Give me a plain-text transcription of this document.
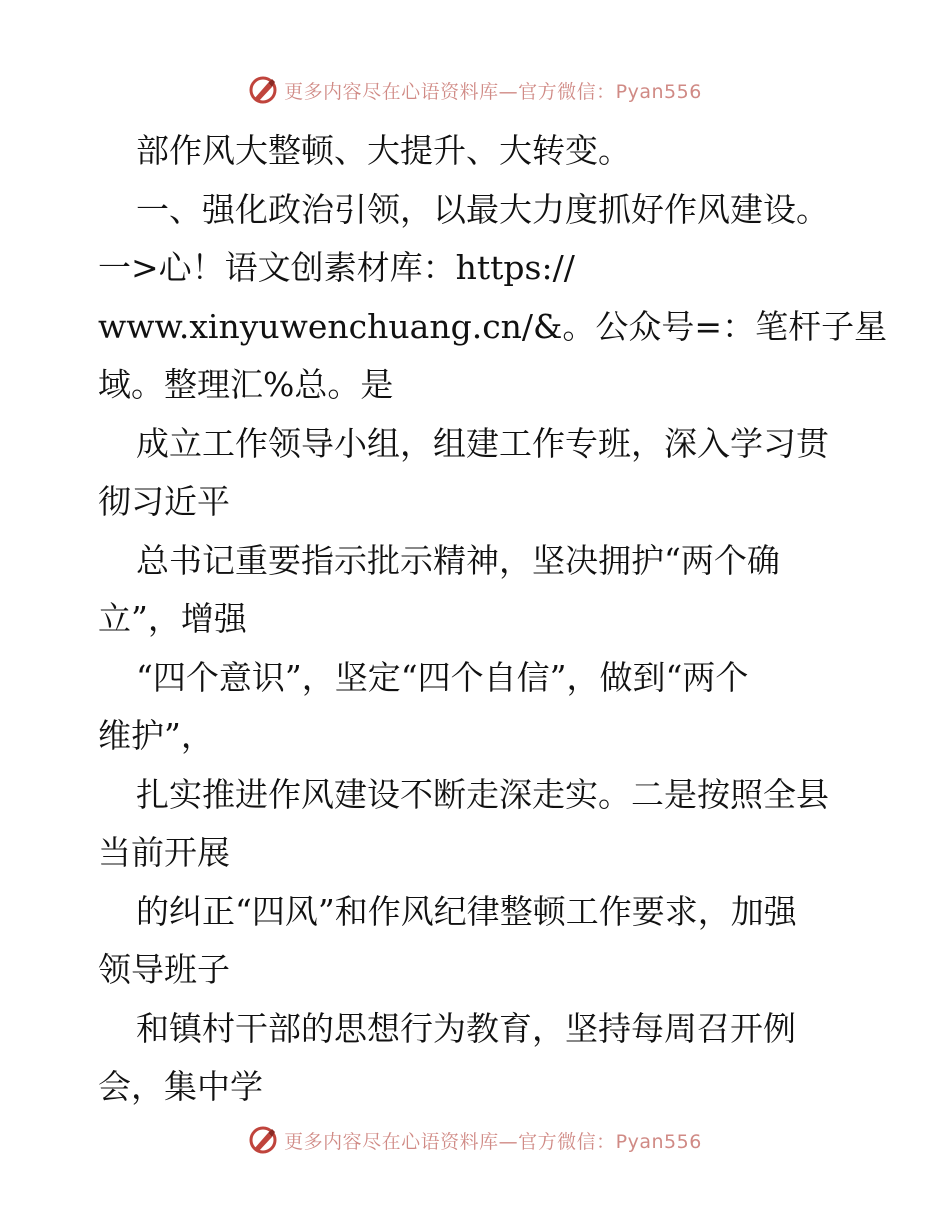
更多内容尽在心语资料库—官方微信：Pyan556
部作风大整顿、大提升、大转变。
一、强化政治引领，以最大力度抓好作风建设。
一>心！语文创素材库：https://
www.xinyuwenchuang.cn/&。公众号=：笔杆子星
域。整理汇%总。是
成立工作领导小组，组建工作专班，深入学习贯
彻习近平
总书记重要指示批示精神，坚决拥护“两个确
立”，增强
“四个意识”，坚定“四个自信”，做到“两个
维护”，
扎实推进作风建设不断走深走实。二是按照全县
当前开展
的纠正“四风”和作风纪律整顿工作要求，加强
领导班子
和镇村干部的思想行为教育，坚持每周召开例
会，集中学
更多内容尽在心语资料库—官方微信：Pyan556
